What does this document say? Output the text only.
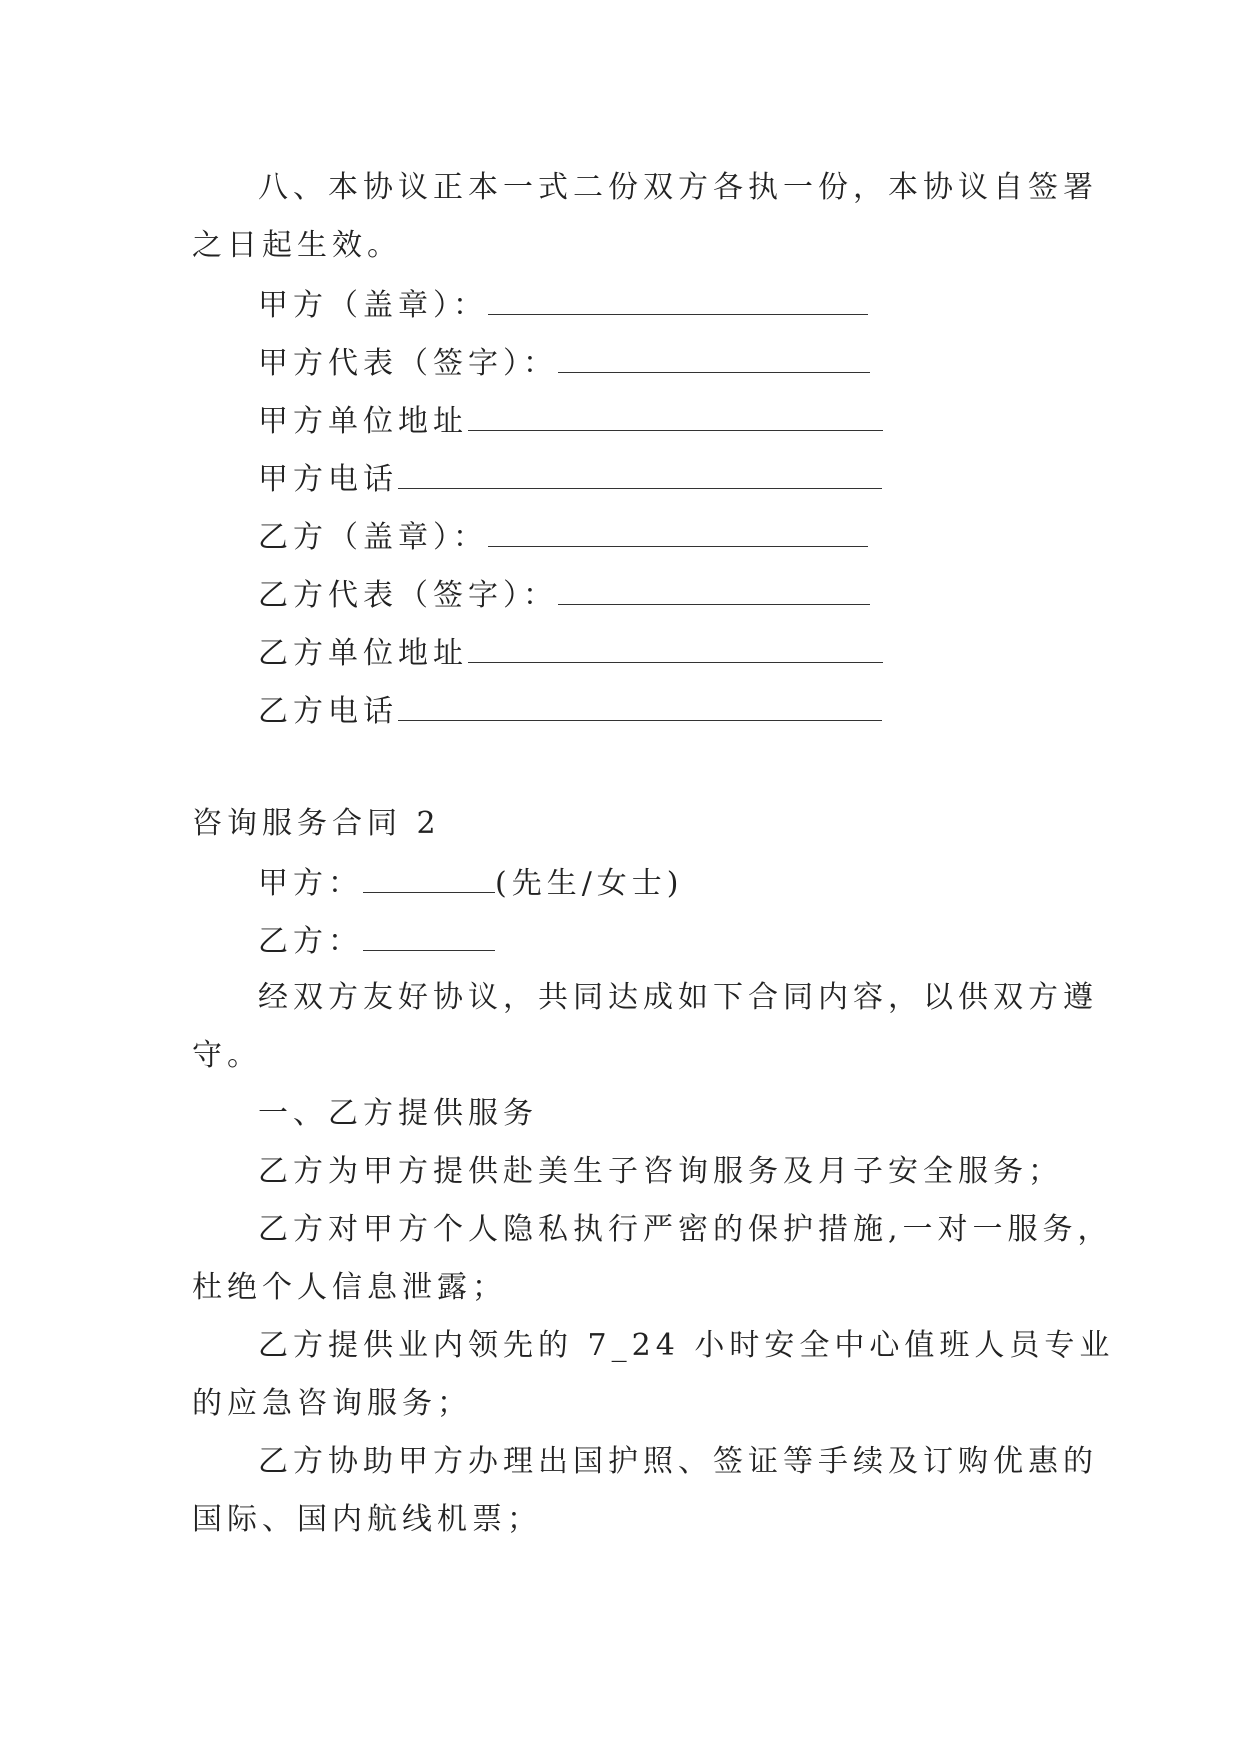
八、本协议正本一式二份双方各执一份，本协议自签署
之日起生效。
甲方（盖章）：
甲方代表（签字）：
甲方单位地址
甲方电话
乙方（盖章）：
乙方代表（签字）：
乙方单位地址
乙方电话
咨询服务合同 2
甲方：	(先生/女士)
乙方：
经双方友好协议，共同达成如下合同内容，以供双方遵
守。
一、乙方提供服务
乙方为甲方提供赴美生子咨询服务及月子安全服务；
乙方对甲方个人隐私执行严密的保护措施,一对一服务，
杜绝个人信息泄露；
乙方提供业内领先的 7_24 小时安全中心值班人员专业
的应急咨询服务；
乙方协助甲方办理出国护照、签证等手续及订购优惠的
国际、国内航线机票；
